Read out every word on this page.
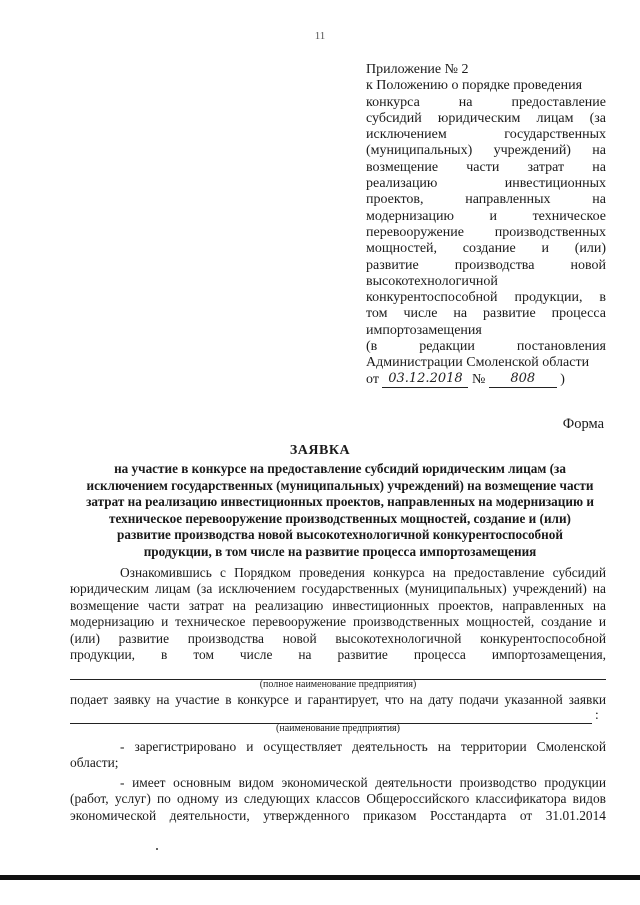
11
Приложение № 2
к Положению о порядке проведения
конкурса на предоставление
субсидий юридическим лицам (за
исключением государственных
(муниципальных) учреждений) на
возмещение части затрат на
реализацию инвестиционных
проектов, направленных на
модернизацию и техническое
перевооружение производственных
мощностей, создание и (или)
развитие производства новой
высокотехнологичной
конкурентоспособной продукции, в
том числе на развитие процесса
импортозамещения
(в редакции постановления
Администрации Смоленской области
от 03.12.2018 № 808 )
Форма
ЗАЯВКА
на участие в конкурсе на предоставление субсидий юридическим лицам (за
исключением государственных (муниципальных) учреждений) на возмещение части
затрат на реализацию инвестиционных проектов, направленных на модернизацию и
техническое перевооружение производственных мощностей, создание и (или)
развитие производства новой высокотехнологичной конкурентоспособной
продукции, в том числе на развитие процесса импортозамещения
Ознакомившись с Порядком проведения конкурса на предоставление субсидий
юридическим лицам (за исключением государственных (муниципальных) учреждений) на
возмещение части затрат на реализацию инвестиционных проектов, направленных на
модернизацию и техническое перевооружение производственных мощностей, создание и
(или) развитие производства новой высокотехнологичной конкурентоспособной
продукции, в том числе на развитие процесса импортозамещения,
(полное наименование предприятия)
подает заявку на участие в конкурсе и гарантирует, что на дату подачи указанной заявки
:
(наименование предприятия)
- зарегистрировано и осуществляет деятельность на территории Смоленской
области;
- имеет основным видом экономической деятельности производство продукции
(работ, услуг) по одному из следующих классов Общероссийского классификатора видов
экономической деятельности, утвержденного приказом Росстандарта от 31.01.2014
